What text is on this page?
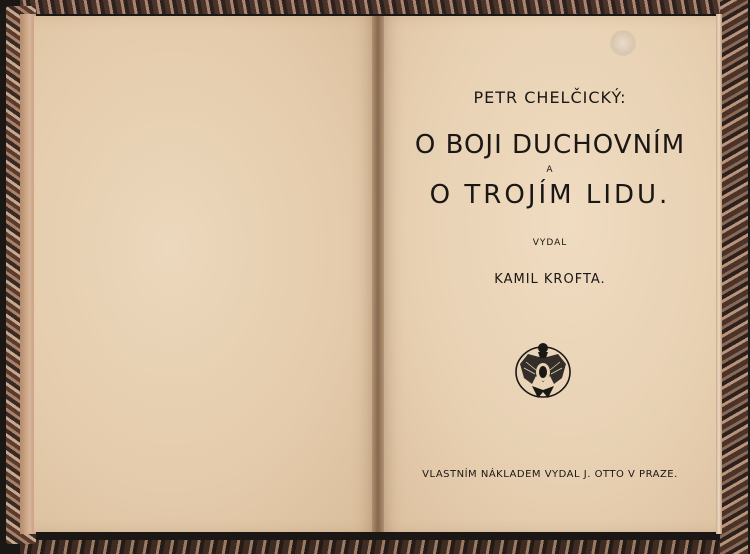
PETR CHELČICKÝ:
O BOJI DUCHOVNÍM
A
O TROJÍM LIDU.
VYDAL
KAMIL KROFTA.
VLASTNÍM NÁKLADEM VYDAL J. OTTO V PRAZE.
